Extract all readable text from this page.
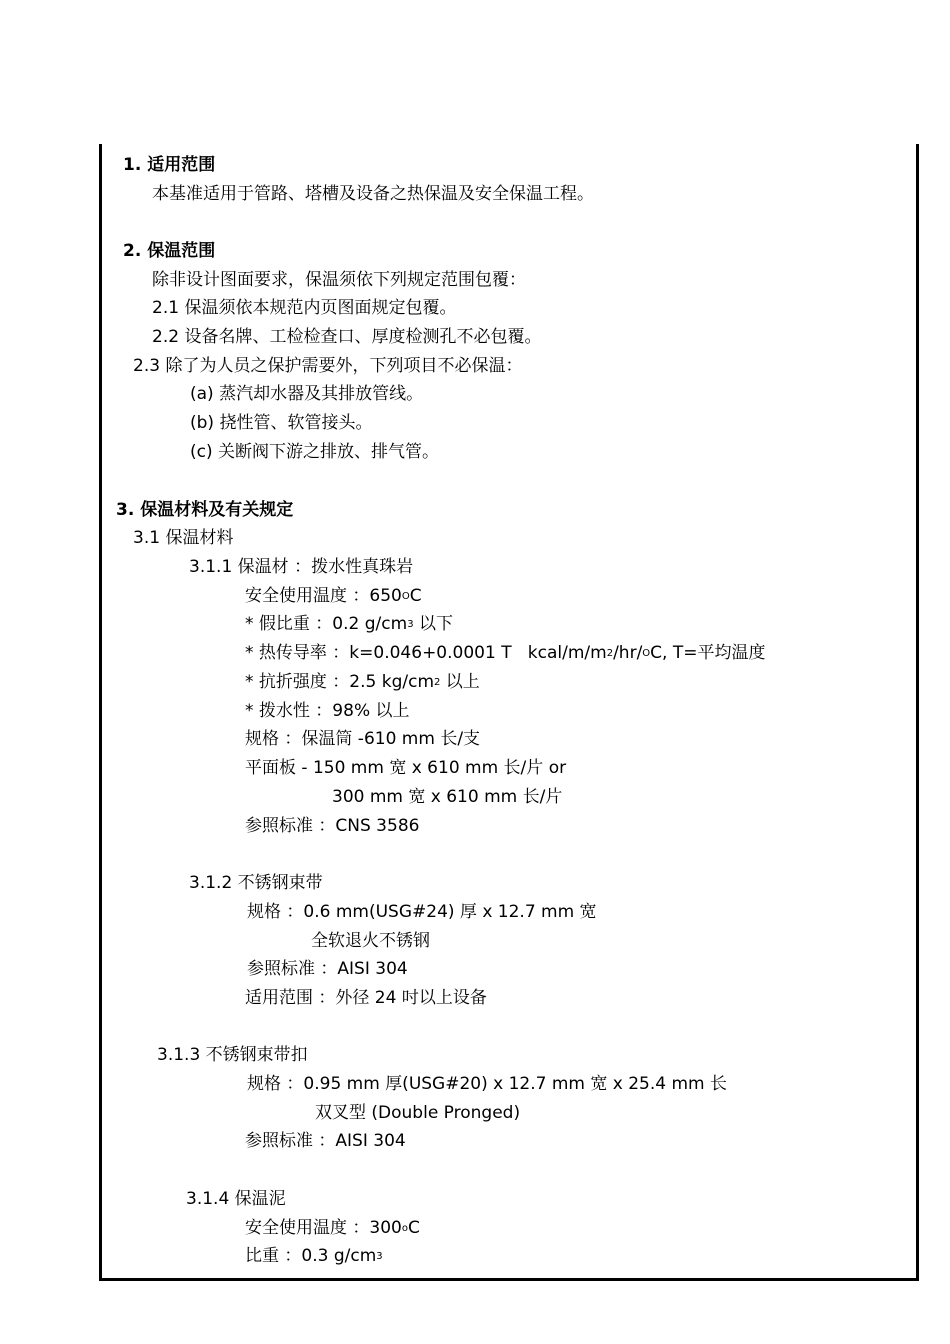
1. 适用范围
本基准适用于管路、塔槽及设备之热保温及安全保温工程。
2. 保温范围
除非设计图面要求，保温须依下列规定范围包覆：
2.1 保温须依本规范内页图面规定包覆。
2.2 设备名牌、工检检查口、厚度检测孔不必包覆。
2.3 除了为人员之保护需要外，下列项目不必保温：
(a) 蒸汽却水器及其排放管线。
(b) 挠性管、软管接头。
(c) 关断阀下游之排放、排气管。
3. 保温材料及有关规定
3.1 保温材料
3.1.1 保温材 ：拨水性真珠岩
安全使用温度 ：$650^OC$
* 假比重 ：0.2 $g/cm^3$ 以下
* 热传导率 ：k=0.046+0.0001 T   kcal/$m/m^2/hr/^OC$, T=平均温度
* 抗折强度 ：2.5 $kg/cm^2$ 以上
* 拨水性 ：98% 以上
规格 ：保温筒 -610 mm 长/支
平面板 - 150 mm 宽 x 610 mm 长/片 or
300 mm 宽 x 610 mm 长/片
参照标准 ：CNS 3586
3.1.2 不锈钢束带
规格 ：0.6 mm(USG#24) 厚 x 12.7 mm 宽
全软退火不锈钢
参照标准 ：AISI 304
适用范围 ：外径 24 吋以上设备
3.1.3 不锈钢束带扣
规格 ：0.95 mm 厚(USG#20) x 12.7 mm 宽 x 25.4 mm 长
双叉型 (Double Pronged)
参照标准 ：AISI 304
3.1.4 保温泥
安全使用温度 ：300$^o$C
比重 ：0.3 $g/cm^3$
